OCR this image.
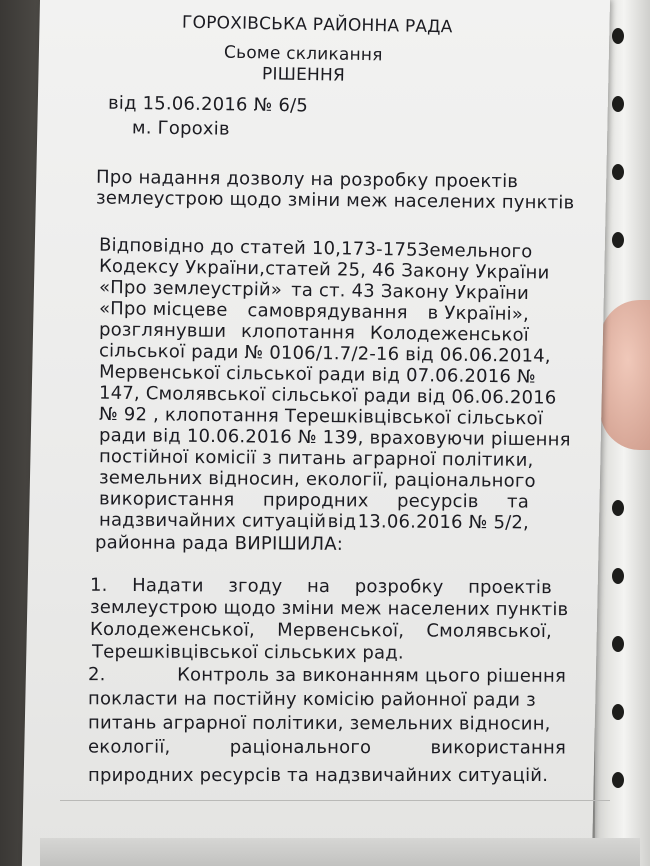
ГОРОХІВСЬКА РАЙОННА РАДА
Сьоме скликання
РІШЕННЯ
від 15.06.2016 № 6/5
м. Горохів
Про надання дозволу на розробку проектів
землеустрою щодо зміни меж населених пунктів
Відповідно до статей 10, 173-175 Земельного
Кодексу України, статей 25, 46 Закону України
«Про землеустрій» та ст. 43 Закону України
«Про місцеве самоврядування в Україні»,
розглянувши клопотання Колодеженської
сільської ради № 0106/1.7/2-16 від 06.06.2014,
Мервенської сільської ради від 07.06.2016 №
147, Смолявської сільської ради від 06.06.2016
№ 92 , клопотання Терешківцівської сільської
ради від 10.06.2016 № 139, враховуючи рішення
постійної комісії з питань аграрної політики,
земельних відносин, екології, раціонального
використання природних ресурсів та
надзвичайних ситуацій від 13.06.2016 № 5/2,
районна рада ВИРІШИЛА:
1. Надати згоду на розробку проектів
землеустрою щодо зміни меж населених пунктів
Колодеженської, Мервенської, Смолявської,
Терешківцівської сільських рад.
2.	Контроль за виконанням цього рішення
покласти на постійну комісію районної ради з
питань аграрної політики, земельних відносин,
екології,	раціонального	використання
природних ресурсів та надзвичайних ситуацій.
